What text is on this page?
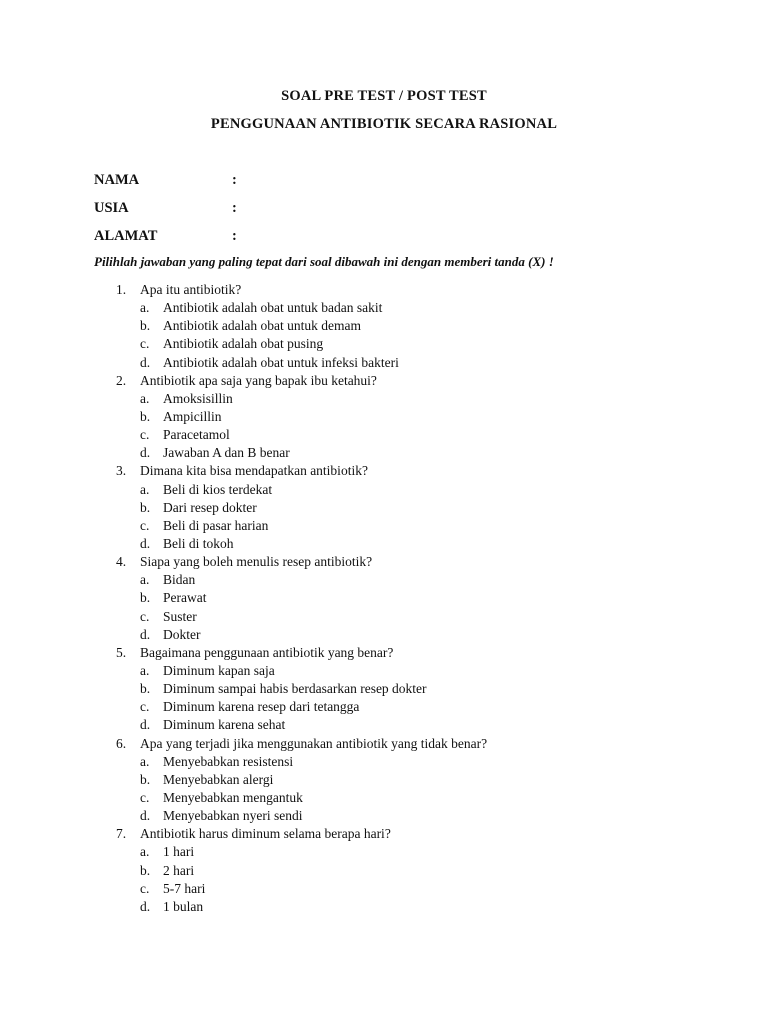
SOAL PRE TEST / POST TEST
PENGGUNAAN ANTIBIOTIK SECARA RASIONAL
NAMA	:
USIA	:
ALAMAT	:
Pilihlah jawaban yang paling tepat dari soal dibawah ini dengan memberi tanda (X) !
1. Apa itu antibiotik?
a. Antibiotik adalah obat untuk badan sakit
b. Antibiotik adalah obat untuk demam
c. Antibiotik adalah obat pusing
d. Antibiotik adalah obat untuk infeksi bakteri
2. Antibiotik apa saja yang bapak ibu ketahui?
a. Amoksisillin
b. Ampicillin
c. Paracetamol
d. Jawaban A dan B benar
3. Dimana kita bisa mendapatkan antibiotik?
a. Beli di kios terdekat
b. Dari resep dokter
c. Beli di pasar harian
d. Beli di tokoh
4. Siapa yang boleh menulis resep antibiotik?
a. Bidan
b. Perawat
c. Suster
d. Dokter
5. Bagaimana penggunaan antibiotik yang benar?
a. Diminum kapan saja
b. Diminum sampai habis berdasarkan resep dokter
c. Diminum karena resep dari tetangga
d. Diminum karena sehat
6. Apa yang terjadi jika menggunakan antibiotik yang tidak benar?
a. Menyebabkan resistensi
b. Menyebabkan alergi
c. Menyebabkan mengantuk
d. Menyebabkan nyeri sendi
7. Antibiotik harus diminum selama berapa hari?
a. 1 hari
b. 2 hari
c. 5-7 hari
d. 1 bulan
